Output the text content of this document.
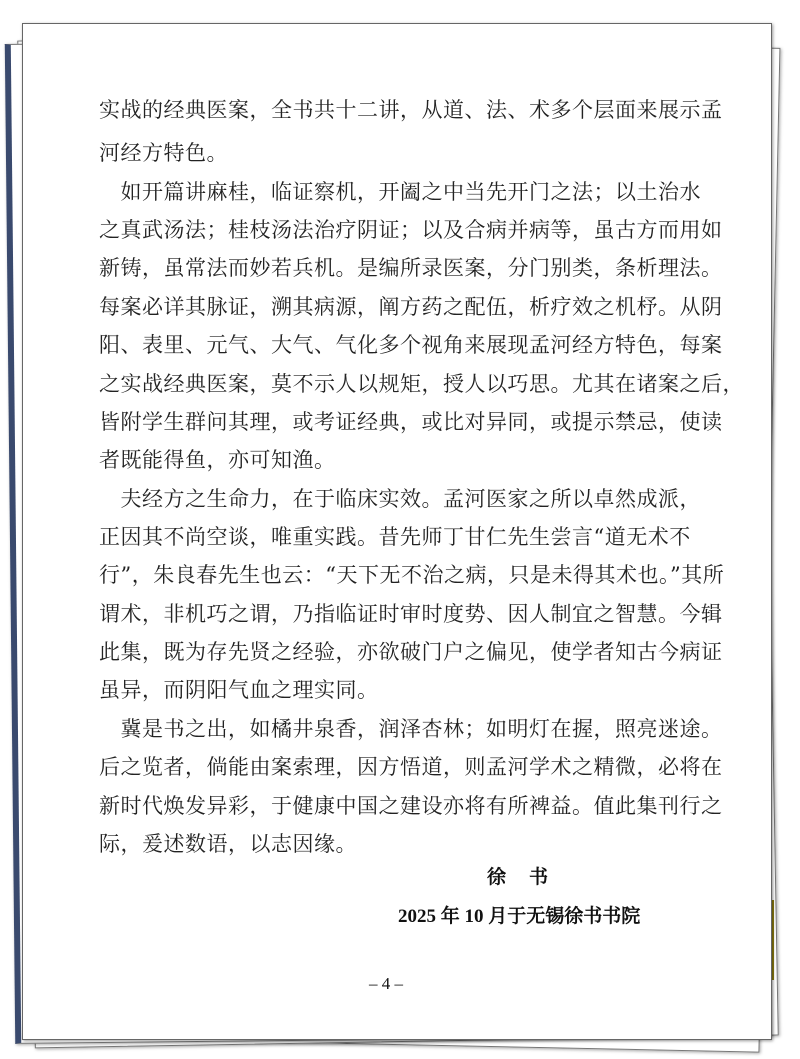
实战的经典医案，全书共十二讲，从道、法、术多个层面来展示孟
河经方特色。
　如开篇讲麻桂，临证察机，开阖之中当先开门之法；以土治水
之真武汤法；桂枝汤法治疗阴证；以及合病并病等，虽古方而用如
新铸，虽常法而妙若兵机。是编所录医案，分门别类，条析理法。
每案必详其脉证，溯其病源，阐方药之配伍，析疗效之机杼。从阴
阳、表里、元气、大气、气化多个视角来展现孟河经方特色，每案
之实战经典医案，莫不示人以规矩，授人以巧思。尤其在诸案之后，
皆附学生群问其理，或考证经典，或比对异同，或提示禁忌，使读
者既能得鱼，亦可知渔。
　夫经方之生命力，在于临床实效。孟河医家之所以卓然成派，
正因其不尚空谈，唯重实践。昔先师丁甘仁先生尝言“道无术不
行”，朱良春先生也云：“天下无不治之病，只是未得其术也。”其所
谓术，非机巧之谓，乃指临证时审时度势、因人制宜之智慧。今辑
此集，既为存先贤之经验，亦欲破门户之偏见，使学者知古今病证
虽异，而阴阳气血之理实同。
　冀是书之出，如橘井泉香，润泽杏林；如明灯在握，照亮迷途。
后之览者，倘能由案索理，因方悟道，则孟河学术之精微，必将在
新时代焕发异彩，于健康中国之建设亦将有所裨益。值此集刊行之
际，爰述数语，以志因缘。
徐　书
2025 年 10 月于无锡徐书书院
– 4 –
